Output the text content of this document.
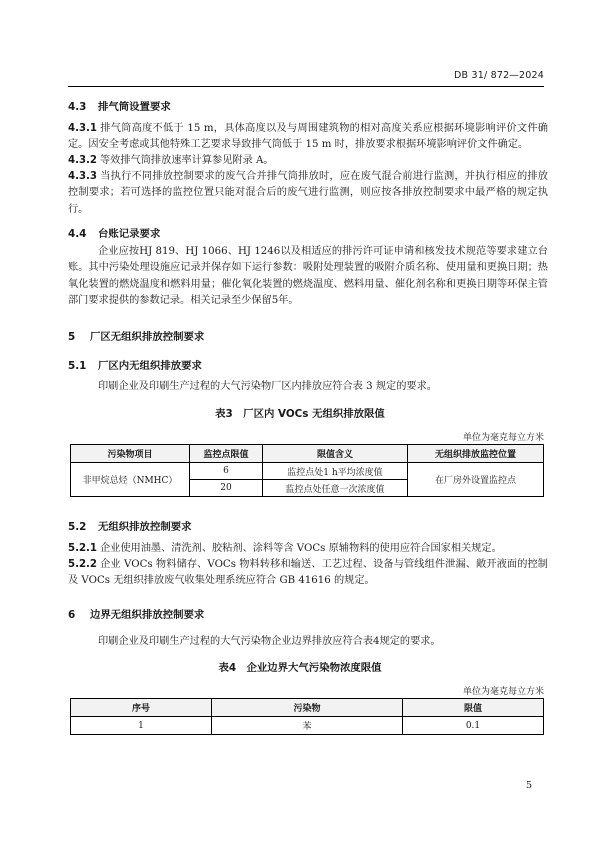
DB 31/ 872—2024
4.3 排气筒设置要求
4.3.1 排气筒高度不低于 15 m，具体高度以及与周围建筑物的相对高度关系应根据环境影响评价文件确定。因安全考虑或其他特殊工艺要求导致排气筒低于 15 m 时，排放要求根据环境影响评价文件确定。
4.3.2 等效排气筒排放速率计算参见附录 A。
4.3.3 当执行不同排放控制要求的废气合并排气筒排放时，应在废气混合前进行监测，并执行相应的排放控制要求；若可选择的监控位置只能对混合后的废气进行监测，则应按各排放控制要求中最严格的规定执行。
4.4 台账记录要求
企业应按HJ 819、HJ 1066、HJ 1246以及相适应的排污许可证申请和核发技术规范等要求建立台账。其中污染处理设施应记录并保存如下运行参数：吸附处理装置的吸附介质名称、使用量和更换日期；热氧化装置的燃烧温度和燃料用量；催化氧化装置的燃烧温度、燃料用量、催化剂名称和更换日期等环保主管部门要求提供的参数记录。相关记录至少保留5年。
5 厂区无组织排放控制要求
5.1 厂区内无组织排放要求
印刷企业及印刷生产过程的大气污染物厂区内排放应符合表 3 规定的要求。
表3　厂区内 VOCs 无组织排放限值
单位为毫克每立方米
污染物项目	监控点限值	限值含义	无组织排放监控位置
非甲烷总烃（NMHC）	6	监控点处1 h平均浓度值	在厂房外设置监控点
	20	监控点处任意一次浓度值	
5.2 无组织排放控制要求
5.2.1 企业使用油墨、清洗剂、胶粘剂、涂料等含 VOCs 原辅物料的使用应符合国家相关规定。
5.2.2 企业 VOCs 物料储存、VOCs 物料转移和输送、工艺过程、设备与管线组件泄漏、敞开液面的控制及 VOCs 无组织排放废气收集处理系统应符合 GB 41616 的规定。
6 边界无组织排放控制要求
印刷企业及印刷生产过程的大气污染物企业边界排放应符合表4规定的要求。
表4　企业边界大气污染物浓度限值
单位为毫克每立方米
序号	污染物	限值
1	苯	0.1
5
